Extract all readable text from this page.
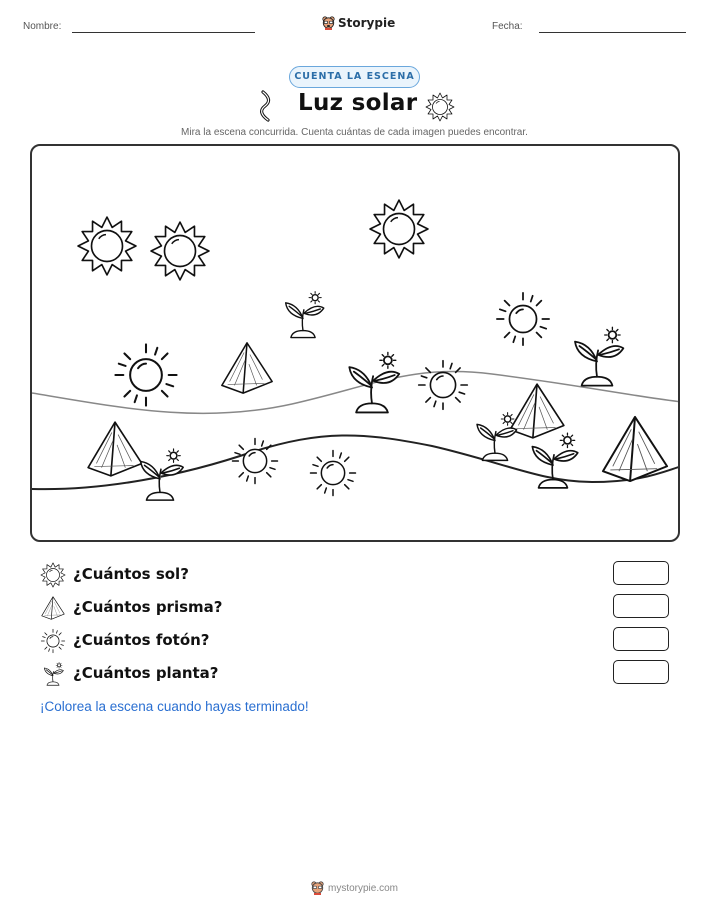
Nombre:	Storypie	Fecha:
CUENTA LA ESCENA
Luz solar
Mira la escena concurrida. Cuenta cuántas de cada imagen puedes encontrar.
¿Cuántos sol?
¿Cuántos prisma?
¿Cuántos fotón?
¿Cuántos planta?
¡Colorea la escena cuando hayas terminado!
mystorypie.com
